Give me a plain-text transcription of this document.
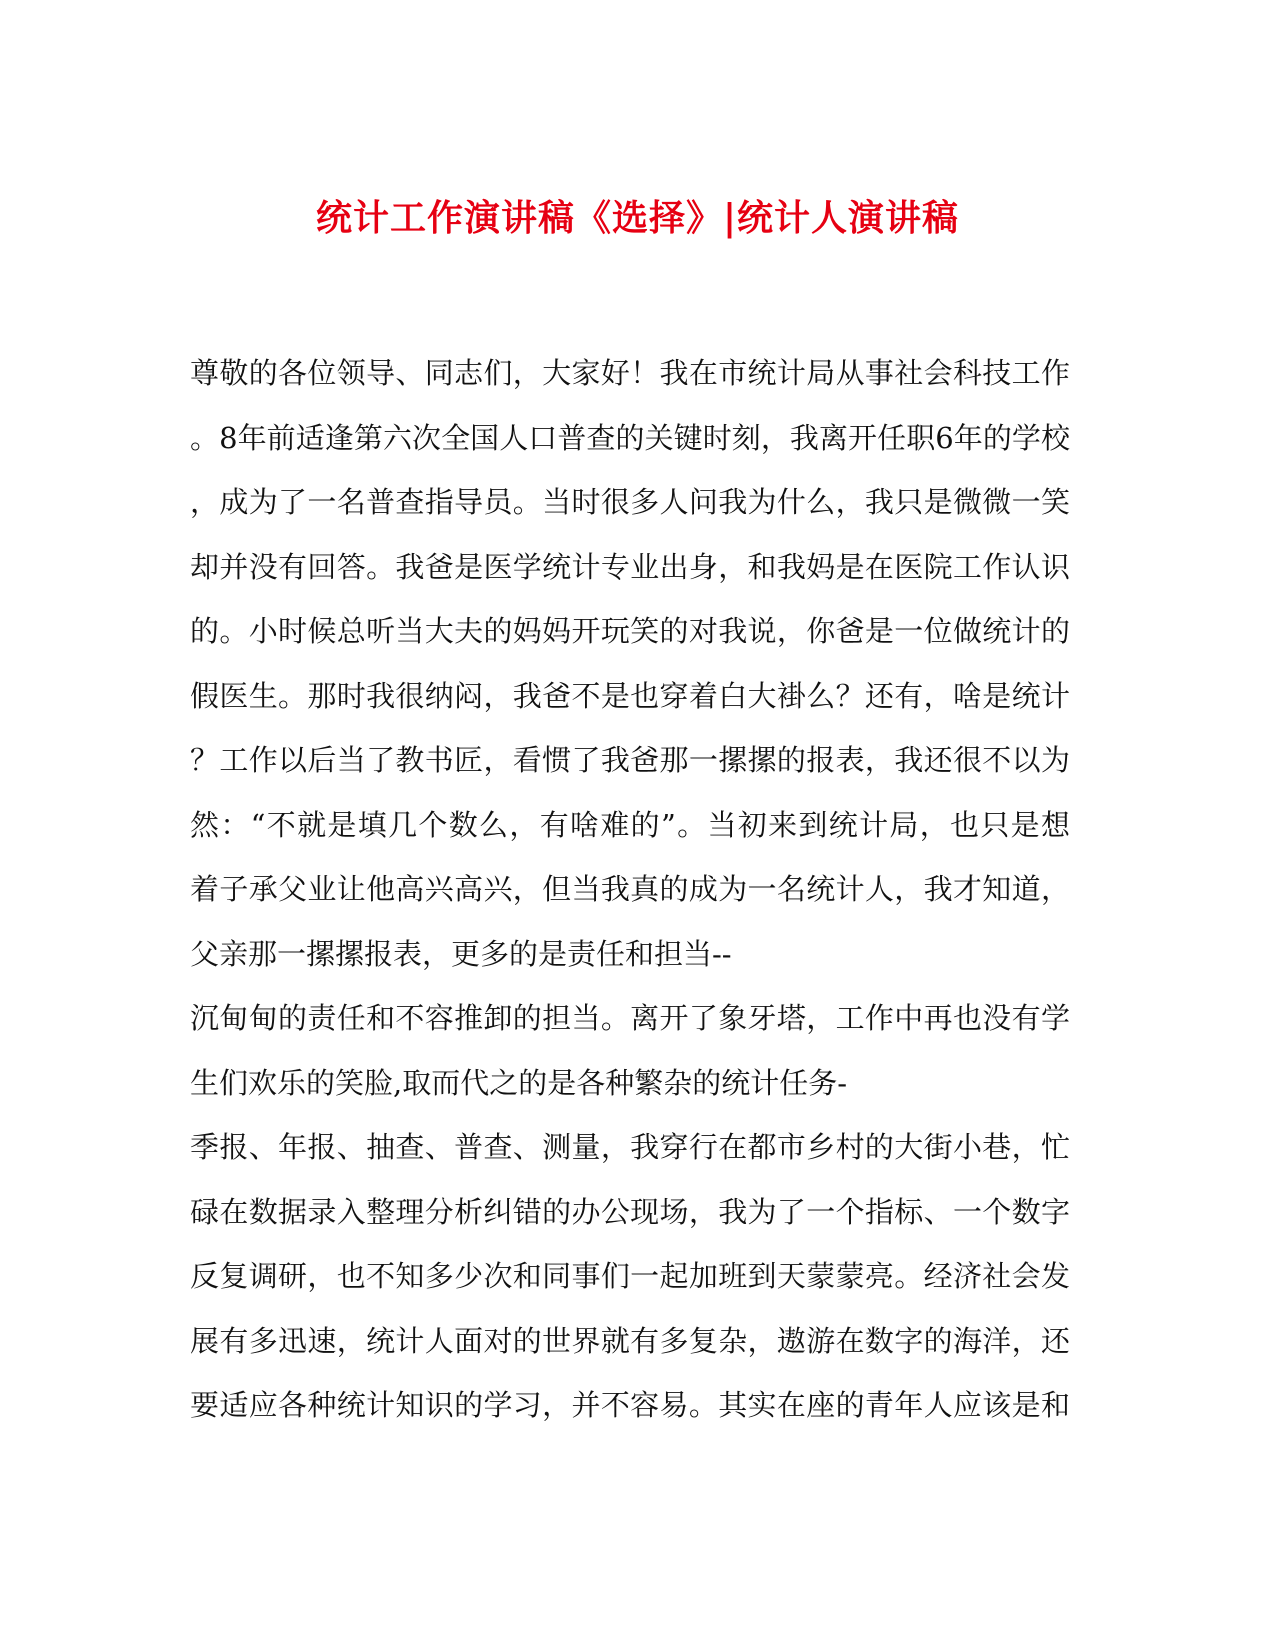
统计工作演讲稿《选择》|统计人演讲稿
尊敬的各位领导、同志们，大家好！我在市统计局从事社会科技工作
。8年前适逢第六次全国人口普查的关键时刻，我离开任职6年的学校
，成为了一名普查指导员。当时很多人问我为什么，我只是微微一笑
却并没有回答。我爸是医学统计专业出身，和我妈是在医院工作认识
的。小时候总听当大夫的妈妈开玩笑的对我说，你爸是一位做统计的
假医生。那时我很纳闷，我爸不是也穿着白大褂么？还有，啥是统计
？工作以后当了教书匠，看惯了我爸那一摞摞的报表，我还很不以为
然：“不就是填几个数么，有啥难的”。当初来到统计局，也只是想
着子承父业让他高兴高兴，但当我真的成为一名统计人，我才知道，
父亲那一摞摞报表，更多的是责任和担当--
沉甸甸的责任和不容推卸的担当。离开了象牙塔，工作中再也没有学
生们欢乐的笑脸,取而代之的是各种繁杂的统计任务-
季报、年报、抽查、普查、测量，我穿行在都市乡村的大街小巷，忙
碌在数据录入整理分析纠错的办公现场，我为了一个指标、一个数字
反复调研，也不知多少次和同事们一起加班到天蒙蒙亮。经济社会发
展有多迅速，统计人面对的世界就有多复杂，遨游在数字的海洋，还
要适应各种统计知识的学习，并不容易。其实在座的青年人应该是和
